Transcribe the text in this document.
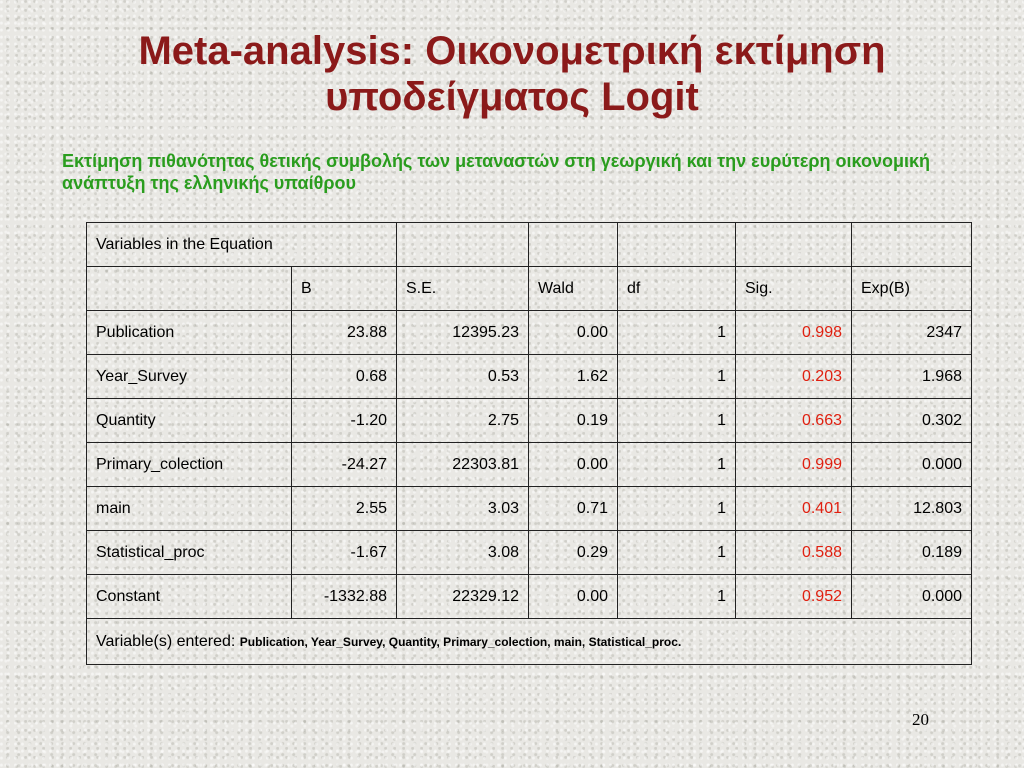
Meta-analysis: Οικονομετρική εκτίμηση
υποδείγματος Logit
Εκτίμηση πιθανότητας θετικής συμβολής των μεταναστών στη γεωργική και την ευρύτερη οικονομική ανάπτυξη της ελληνικής υπαίθρου
Variables in the Equation						
	B	S.E.	Wald	df	Sig.	Exp(B)
Publication	23.88	12395.23	0.00	1	0.998	2347
Year_Survey	0.68	0.53	1.62	1	0.203	1.968
Quantity	-1.20	2.75	0.19	1	0.663	0.302
Primary_colection	-24.27	22303.81	0.00	1	0.999	0.000
main	2.55	3.03	0.71	1	0.401	12.803
Statistical_proc	-1.67	3.08	0.29	1	0.588	0.189
Constant	-1332.88	22329.12	0.00	1	0.952	0.000
Variable(s) entered: Publication, Year_Survey, Quantity, Primary_colection, main, Statistical_proc.						
20
